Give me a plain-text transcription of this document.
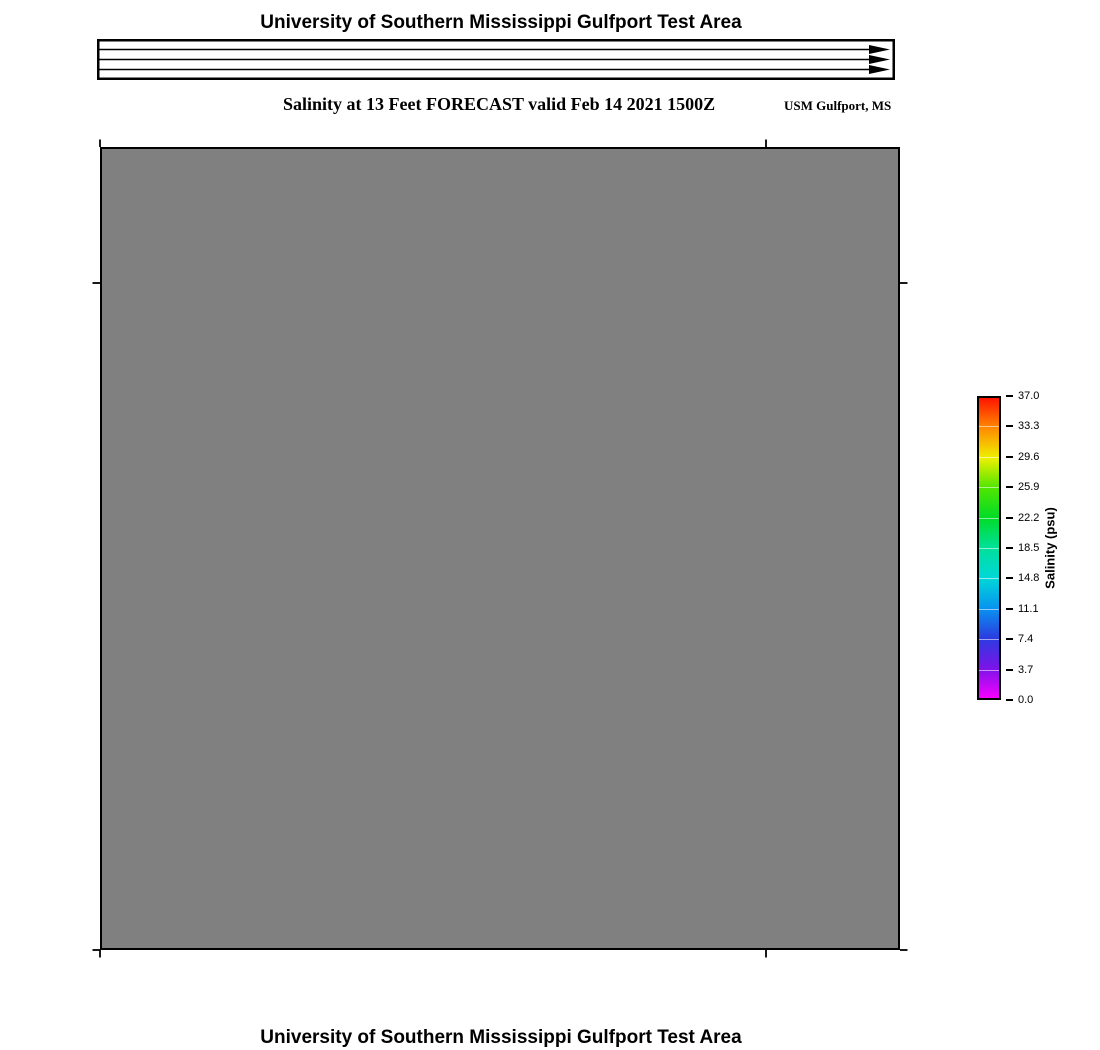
University of Southern Mississippi Gulfport Test Area
Salinity at 13 Feet FORECAST valid Feb 14 2021 1500Z	USM Gulfport, MS
37.0
33.3
29.6
25.9
22.2
18.5
14.8
11.1
7.4
3.7
0.0
Salinity (psu)
University of Southern Mississippi Gulfport Test Area
